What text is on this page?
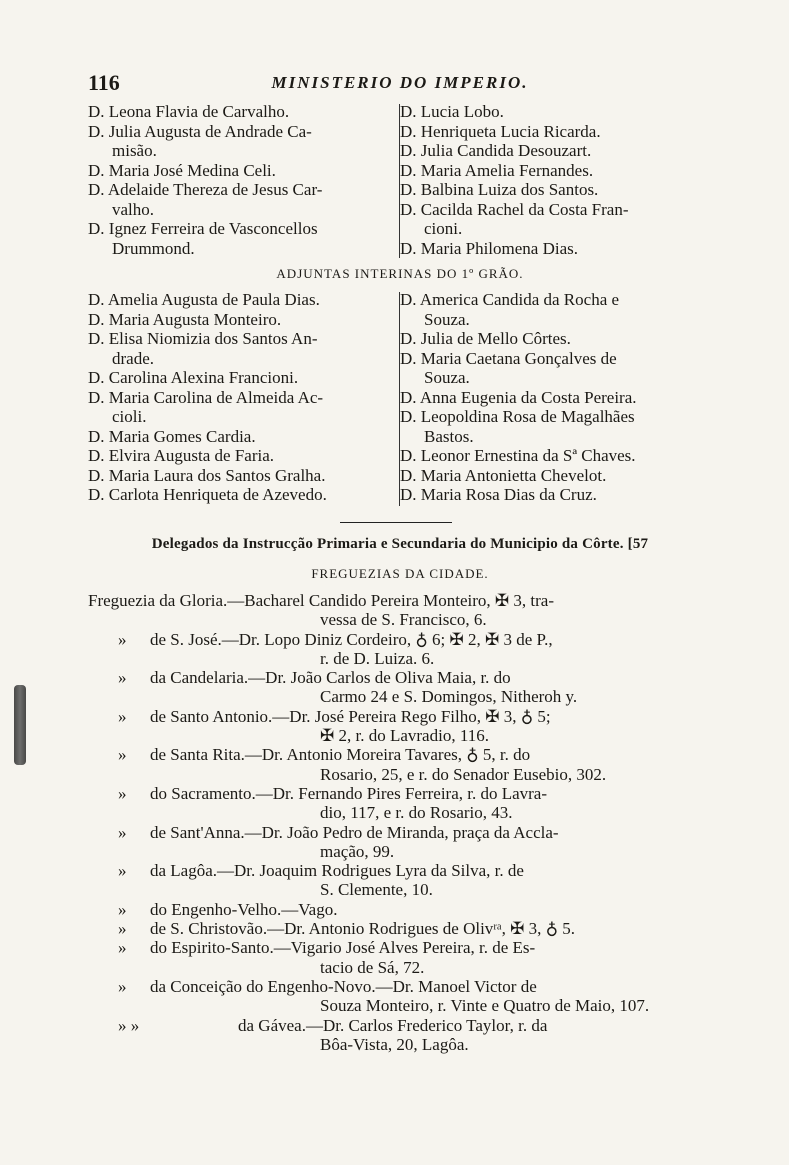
116	MINISTERIO DO IMPERIO.
D. Leona Flavia de Carvalho.
D. Julia Augusta de Andrade Ca-

misão.
D. Maria José Medina Celi.
D. Adelaide Thereza de Jesus Car-

valho.
D. Ignez Ferreira de Vasconcellos

Drummond.
D. Lucia Lobo.
D. Henriqueta Lucia Ricarda.
D. Julia Candida Desouzart.
D. Maria Amelia Fernandes.
D. Balbina Luiza dos Santos.
D. Cacilda Rachel da Costa Fran-

cioni.
D. Maria Philomena Dias.
ADJUNTAS INTERINAS DO 1º GRÃO.
D. Amelia Augusta de Paula Dias.
D. Maria Augusta Monteiro.
D. Elisa Niomizia dos Santos An-

drade.
D. Carolina Alexina Francioni.
D. Maria Carolina de Almeida Ac-

cioli.
D. Maria Gomes Cardia.
D. Elvira Augusta de Faria.
D. Maria Laura dos Santos Gralha.
D. Carlota Henriqueta de Azevedo.
D. America Candida da Rocha e

Souza.
D. Julia de Mello Côrtes.
D. Maria Caetana Gonçalves de

Souza.
D. Anna Eugenia da Costa Pereira.
D. Leopoldina Rosa de Magalhães

Bastos.
D. Leonor Ernestina da Sª Chaves.
D. Maria Antonietta Chevelot.
D. Maria Rosa Dias da Cruz.
Delegados da Instrucção Primaria e Secundaria do Municipio da Côrte. [57
FREGUEZIAS DA CIDADE.
Freguezia da Gloria.—Bacharel Candido Pereira Monteiro, ✠ 3, tra-
vessa de S. Francisco, 6.
» de S. José.—Dr. Lopo Diniz Cordeiro, ♁ 6; ✠ 2, ✠ 3 de P.,
r. de D. Luiza. 6.
» da Candelaria.—Dr. João Carlos de Oliva Maia, r. do
Carmo 24 e S. Domingos, Nitheroh y.
» de Santo Antonio.—Dr. José Pereira Rego Filho, ✠ 3, ♁ 5;
✠ 2, r. do Lavradio, 116.
» de Santa Rita.—Dr. Antonio Moreira Tavares, ♁ 5, r. do
Rosario, 25, e r. do Senador Eusebio, 302.
» do Sacramento.—Dr. Fernando Pires Ferreira, r. do Lavra-
dio, 117, e r. do Rosario, 43.
» de Sant'Anna.—Dr. João Pedro de Miranda, praça da Accla-
mação, 99.
» da Lagôa.—Dr. Joaquim Rodrigues Lyra da Silva, r. de
S. Clemente, 10.
» do Engenho-Velho.—Vago.
» de S. Christovão.—Dr. Antonio Rodrigues de Olivʳᵃ, ✠ 3, ♁ 5.
» do Espirito-Santo.—Vigario José Alves Pereira, r. de Es-
tacio de Sá, 72.
» da Conceição do Engenho-Novo.—Dr. Manoel Victor de
Souza Monteiro, r. Vinte e Quatro de Maio, 107.
» »	da Gávea.—Dr. Carlos Frederico Taylor, r. da
Bôa-Vista, 20, Lagôa.
